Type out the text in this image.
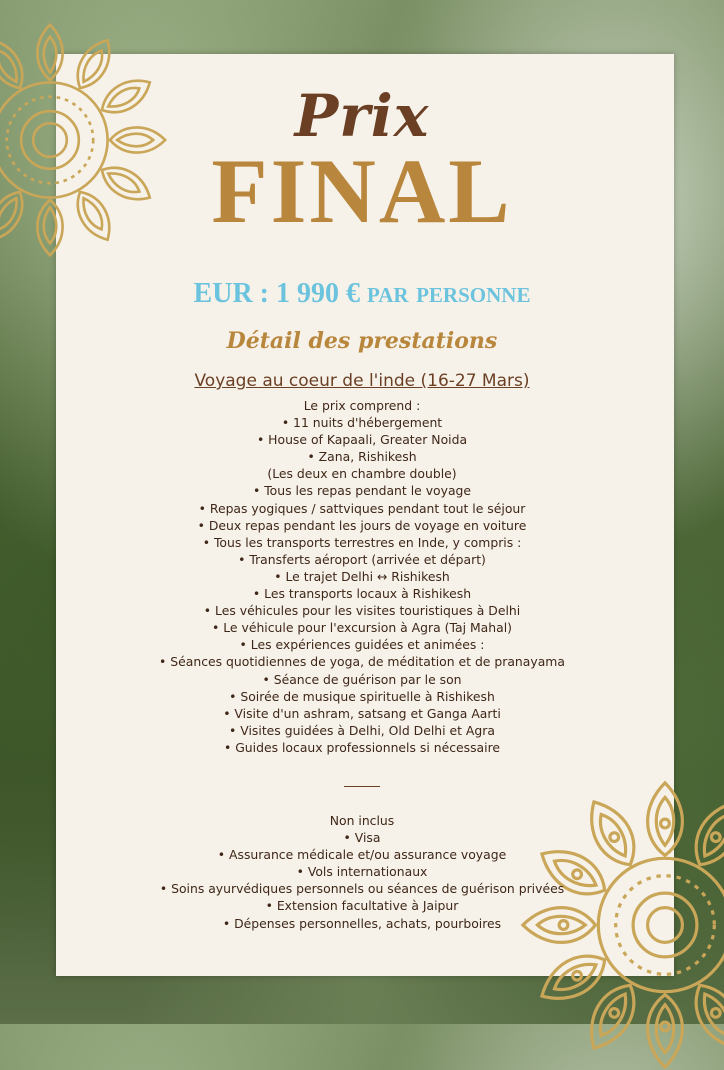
Prix
FINAL

EUR : 1 990 € par personne

Détail des prestations

Voyage au coeur de l'inde (16-27 Mars)

Le prix comprend :
• 11 nuits d'hébergement
• House of Kapaali, Greater Noida
• Zana, Rishikesh
(Les deux en chambre double)
• Tous les repas pendant le voyage
• Repas yogiques / sattviques pendant tout le séjour
• Deux repas pendant les jours de voyage en voiture
• Tous les transports terrestres en Inde, y compris :
• Transferts aéroport (arrivée et départ)
• Le trajet Delhi ↔ Rishikesh
• Les transports locaux à Rishikesh
• Les véhicules pour les visites touristiques à Delhi
• Le véhicule pour l'excursion à Agra (Taj Mahal)
• Les expériences guidées et animées :
• Séances quotidiennes de yoga, de méditation et de pranayama
• Séance de guérison par le son
• Soirée de musique spirituelle à Rishikesh
• Visite d'un ashram, satsang et Ganga Aarti
• Visites guidées à Delhi, Old Delhi et Agra
• Guides locaux professionnels si nécessaire
Non inclus
• Visa
• Assurance médicale et/ou assurance voyage
• Vols internationaux
• Soins ayurvédiques personnels ou séances de guérison privées
• Extension facultative à Jaipur
• Dépenses personnelles, achats, pourboires
